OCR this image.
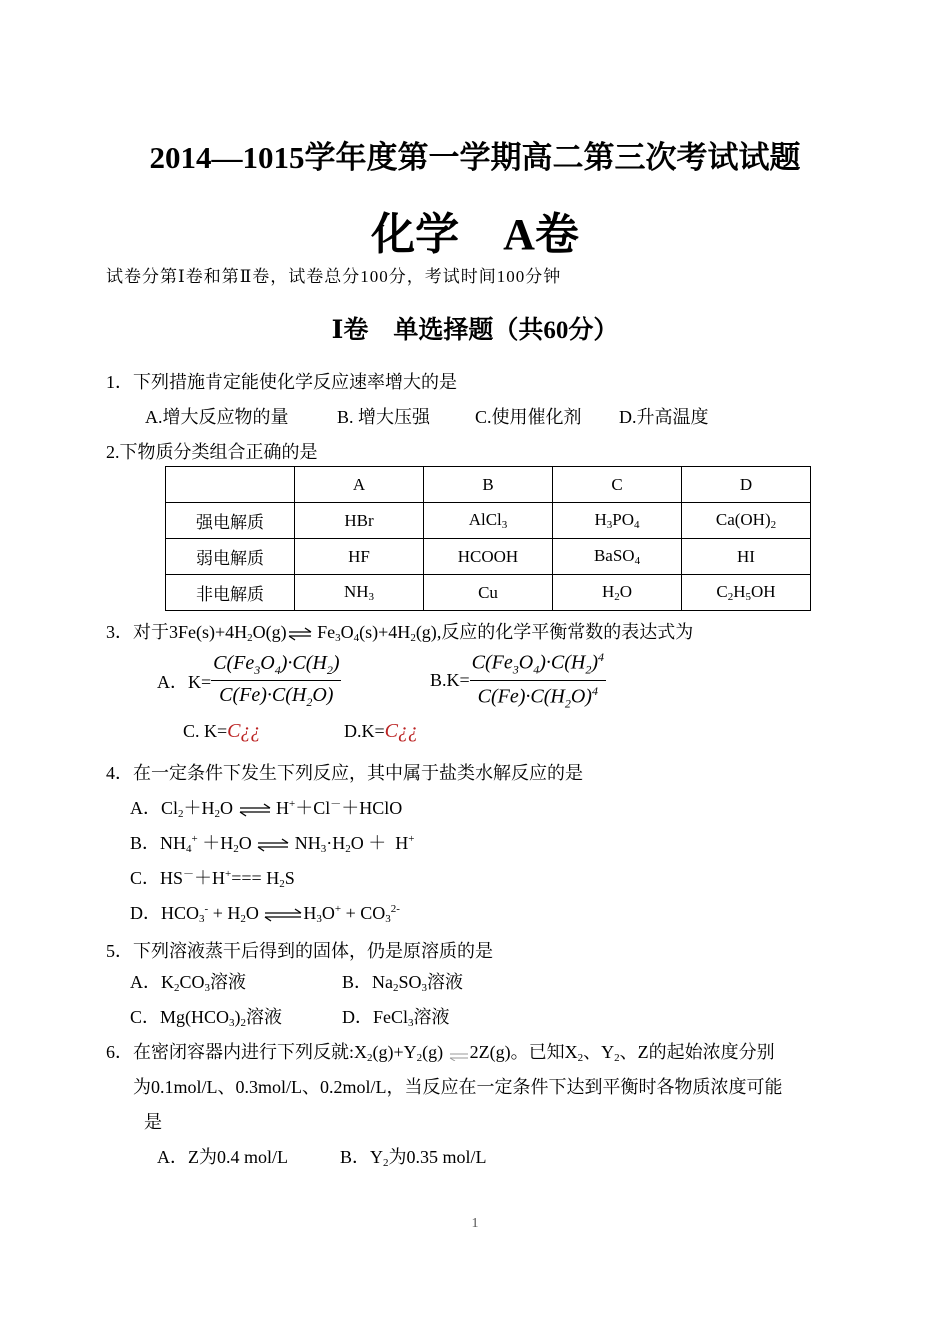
2014—1015学年度第一学期高二第三次考试试题
化学　A卷
试卷分第Ⅰ卷和第Ⅱ卷，试卷总分100分，考试时间100分钟
Ⅰ卷　单选择题（共60分）
1．下列措施肯定能使化学反应速率增大的是
A.增大反应物的量	B. 增大压强 C.使用催化剂 D.升高温度
2.下物质分类组合正确的是
	A	B	C	D
强电解质	HBr	AlCl$_3$	$H_3PO_4$	$Ca(OH)_2$
弱电解质	HF	HCOOH	BaSO$_4$	HI
非电解质	$NH_3$	Cu	$H_2O$	$C_2H_5OH$
3．对于$3Fe(s)+4H_2O(g)\rightleftharpoons$ $Fe_3O_4(s)+4H_2(g)$,反应的化学平衡常数的表达式为
A．$K= \frac{C(Fe_3O_4)\cdot C(H_2)}{C(Fe)\cdot C(H_2O)}$	$B.K= \frac{C(Fe_3O_4)\cdot C(H_2)^4}{C(Fe)\cdot C(H_2O)^4}$
C. K=C¿¿	D.K=C¿¿
4．在一定条件下发生下列反应，其中属于盐类水解反应的是
A．$Cl_2+H_2O$ ⇌ H+＋Cl－＋HClO
B．$NH_4^+ +H_2O$ ⇌ $NH_3\cdot H_2O + H^+$
C．$HS^-+H^+=== H_2S$
D．$HCO_3^- + H_2O$ $\rightleftharpoons H_3O^+ + CO_3^{2-}$
5．下列溶液蒸干后得到的固体，仍是原溶质的是
A．$K_2CO_3$溶液	B．$Na_2SO_3$溶液
C．$Mg(HCO_3)_2$溶液	D．FeCl$_3$溶液
6．在密闭容器内进行下列反就$:X_2(g)+Y_2(g)$
2Z(g)。已知$X_2$、$Y_2$、Z的起始浓度分别
为0.1mol/L、0.3mol/L、0.2mol/L，当反应在一定条件下达到平衡时各物质浓度可能
是
A．Z为0.4 mol/L	B．$Y_2$为0.35 mol/L
1
